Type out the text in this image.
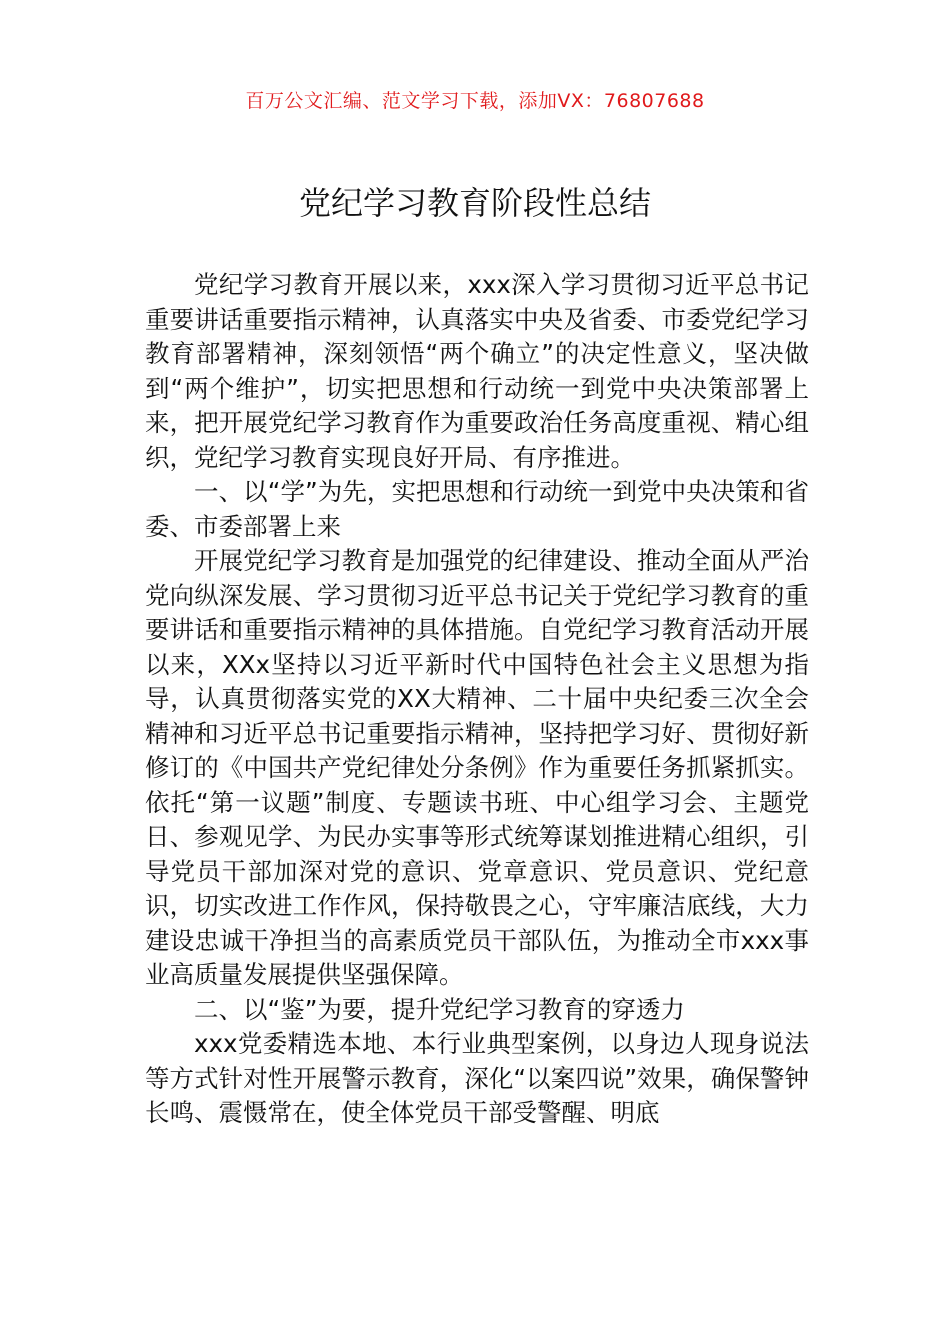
百万公文汇编、范文学习下载，添加VX：76807688
党纪学习教育阶段性总结

党纪学习教育开展以来，xxx深入学习贯彻习近平总书记重要讲话重要指示精神，认真落实中央及省委、市委党纪学习教育部署精神，深刻领悟“两个确立”的决定性意义，坚决做到“两个维护”，切实把思想和行动统一到党中央决策部署上来，把开展党纪学习教育作为重要政治任务高度重视、精心组织，党纪学习教育实现良好开局、有序推进。

一、以“学”为先，实把思想和行动统一到党中央决策和省委、市委部署上来

开展党纪学习教育是加强党的纪律建设、推动全面从严治党向纵深发展、学习贯彻习近平总书记关于党纪学习教育的重要讲话和重要指示精神的具体措施。自党纪学习教育活动开展以来，XXx坚持以习近平新时代中国特色社会主义思想为指导，认真贯彻落实党的XX大精神、二十届中央纪委三次全会精神和习近平总书记重要指示精神，坚持把学习好、贯彻好新修订的《中国共产党纪律处分条例》作为重要任务抓紧抓实。依托“第一议题”制度、专题读书班、中心组学习会、主题党日、参观见学、为民办实事等形式统筹谋划推进精心组织，引导党员干部加深对党的意识、党章意识、党员意识、党纪意识，切实改进工作作风，保持敬畏之心，守牢廉洁底线，大力建设忠诚干净担当的高素质党员干部队伍，为推动全市xxx事业高质量发展提供坚强保障。

二、以“鉴”为要，提升党纪学习教育的穿透力

xxx党委精选本地、本行业典型案例，以身边人现身说法等方式针对性开展警示教育，深化“以案四说”效果，确保警钟长鸣、震慑常在，使全体党员干部受警醒、明底
